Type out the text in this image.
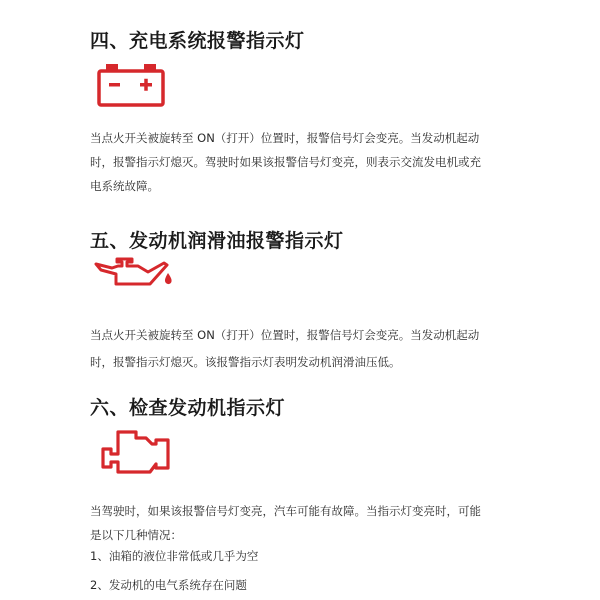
四、充电系统报警指示灯
当点火开关被旋转至 ON（打开）位置时，报警信号灯会变亮。当发动机起动
时，报警指示灯熄灭。驾驶时如果该报警信号灯变亮，则表示交流发电机或充
电系统故障。
五、发动机润滑油报警指示灯
当点火开关被旋转至 ON（打开）位置时，报警信号灯会变亮。当发动机起动
时，报警指示灯熄灭。该报警指示灯表明发动机润滑油压低。
六、检查发动机指示灯
当驾驶时，如果该报警信号灯变亮，汽车可能有故障。当指示灯变亮时，可能
是以下几种情况：
1、油箱的液位非常低或几乎为空
2、发动机的电气系统存在问题
